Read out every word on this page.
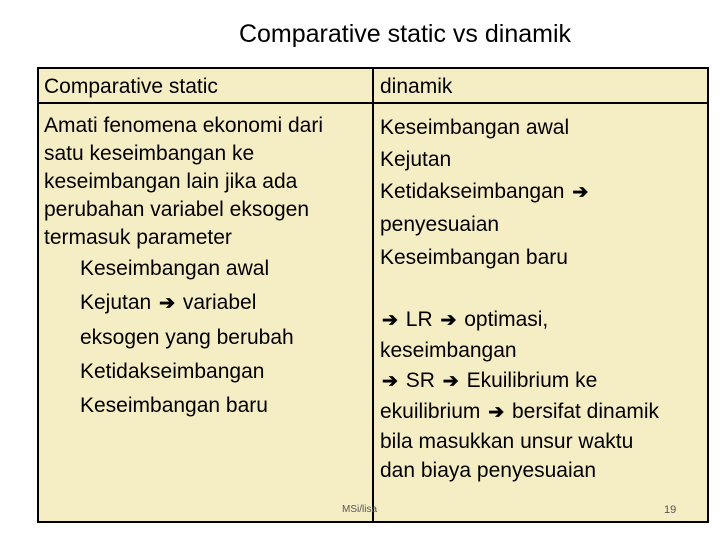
Comparative static vs dinamik
Comparative static	dinamik
Amati fenomena ekonomi dari
satu keseimbangan ke
keseimbangan lain jika ada
perubahan variabel eksogen
termasuk parameter
Keseimbangan awal
Kejutan ➔ variabel
eksogen yang berubah
Ketidakseimbangan
Keseimbangan baru
Keseimbangan awal
Kejutan
Ketidakseimbangan ➔
penyesuaian
Keseimbangan baru
➔ LR ➔ optimasi,
keseimbangan
➔ SR ➔ Ekuilibrium ke
ekuilibrium ➔ bersifat dinamik
bila masukkan unsur waktu
dan biaya penyesuaian
MSi/lisa	19
